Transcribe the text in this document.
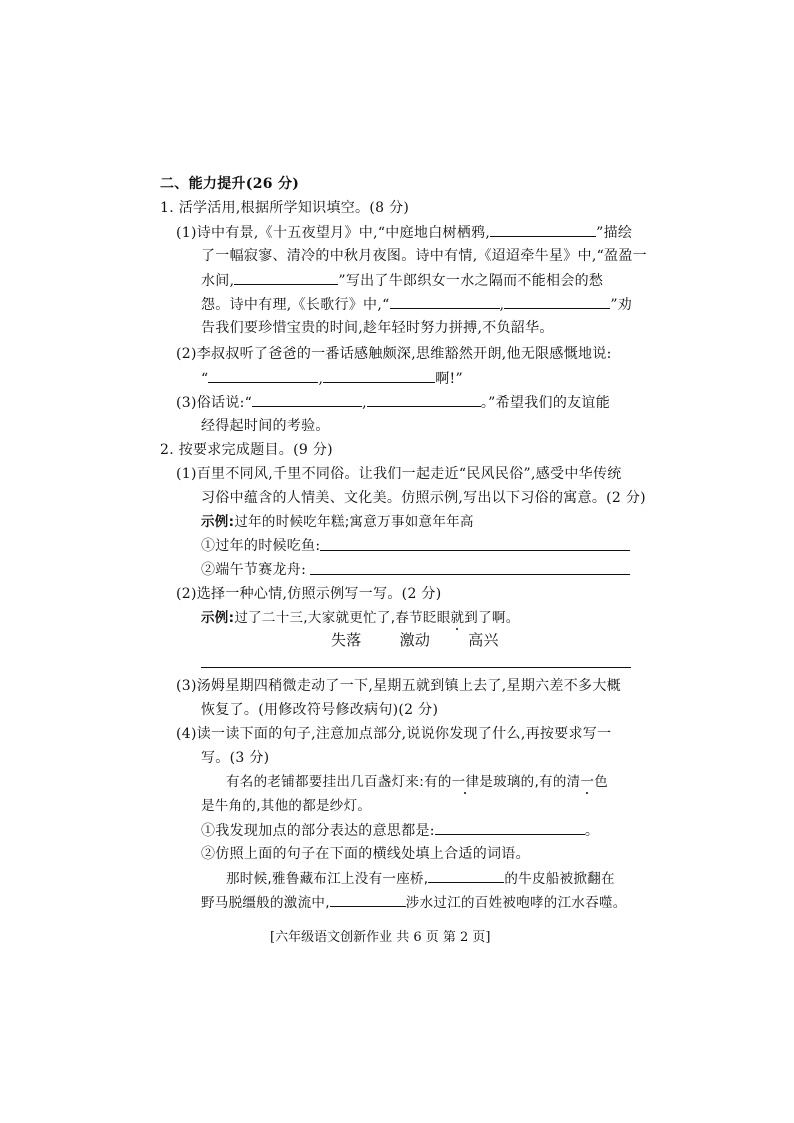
二、能力提升(26 分)
1. 活学活用,根据所学知识填空。(8 分)
(1)诗中有景,《十五夜望月》中,“中庭地白树栖鸦,	”描绘
了一幅寂寥、清冷的中秋月夜图。诗中有情,《迢迢牵牛星》中,“盈盈一
水间,	”写出了牛郎织女一水之隔而不能相会的愁
怨。诗中有理,《长歌行》中,“	,	”劝
告我们要珍惜宝贵的时间,趁年轻时努力拼搏,不负韶华。
(2)李叔叔听了爸爸的一番话感触颇深,思维豁然开朗,他无限感慨地说:
“	,	啊!”
(3)俗话说:“	,	。”希望我们的友谊能
经得起时间的考验。
2. 按要求完成题目。(9 分)
(1)百里不同风,千里不同俗。让我们一起走近“民风民俗”,感受中华传统
习俗中蕴含的人情美、文化美。仿照示例,写出以下习俗的寓意。(2 分)
示例:过年的时候吃年糕;寓意万事如意年年高
①过年的时候吃鱼:
②端午节赛龙舟:
(2)选择一种心情,仿照示例写一写。(2 分)
示例:过了二十三,大家就更忙了,春节眨眼就到了啊。
失落	激动	高兴
(3)汤姆星期四稍微走动了一下,星期五就到镇上去了,星期六差不多大概
恢复了。(用修改符号修改病句)(2 分)
(4)读一读下面的句子,注意加点部分,说说你发现了什么,再按要求写一
写。(3 分)
有名的老铺都要挂出几百盏灯来:有的一律是玻璃的,有的清一色
是牛角的,其他的都是纱灯。
①我发现加点的部分表达的意思都是:	。
②仿照上面的句子在下面的横线处填上合适的词语。
那时候,雅鲁藏布江上没有一座桥,	的牛皮船被掀翻在
野马脱缰般的激流中,	涉水过江的百姓被咆哮的江水吞噬。
[六年级语文创新作业 共 6 页 第 2 页]
